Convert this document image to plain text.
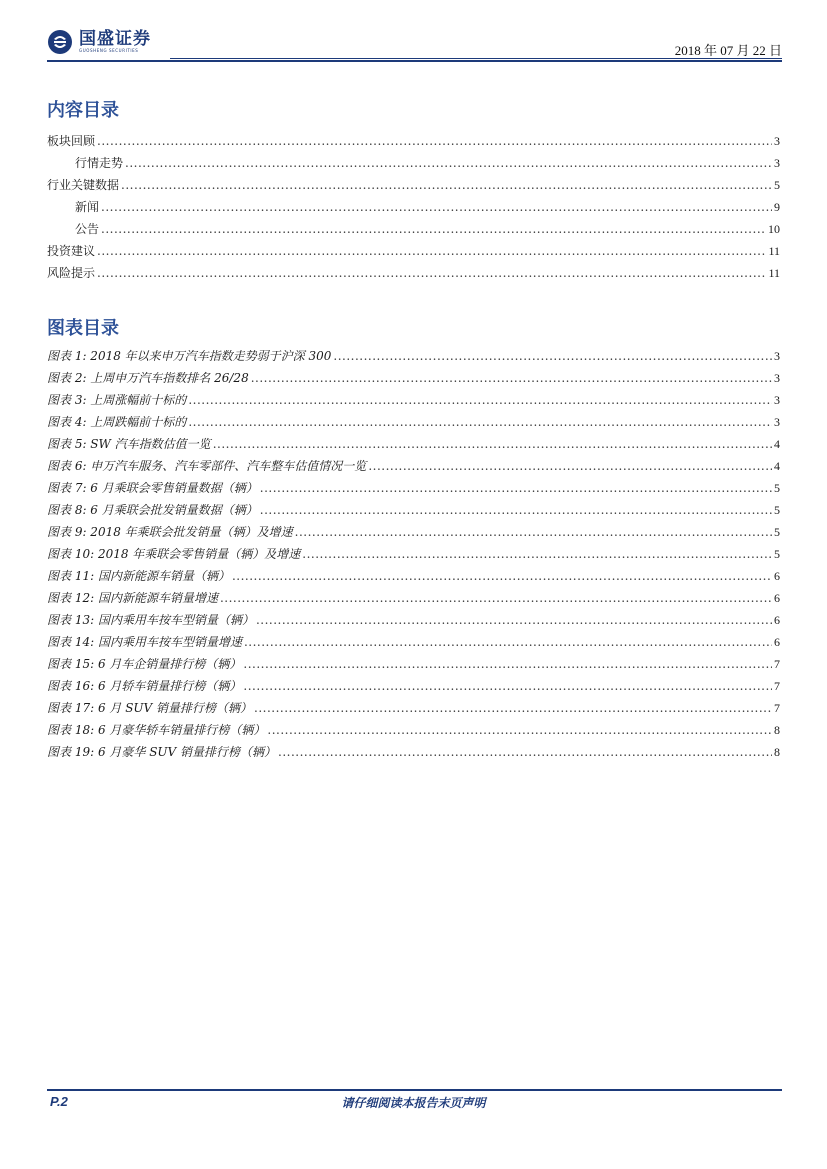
国盛证券
GUOSHENG SECURITIES	2018 年 07 月 22 日
内容目录
板块回顾 .....	3
行情走势 .....	3
行业关键数据 .....	5
新闻 .....	9
公告 .....	10
投资建议 .....	11
风险提示 .....	11
图表目录
图表 1: 2018 年以来申万汽车指数走势弱于沪深 300 .....	3
图表 2: 上周申万汽车指数排名 26/28 .....	3
图表 3: 上周涨幅前十标的 .....	3
图表 4: 上周跌幅前十标的 .....	3
图表 5: SW 汽车指数估值一览 .....	4
图表 6: 申万汽车服务、汽车零部件、汽车整车估值情况一览 .....	4
图表 7: 6 月乘联会零售销量数据（辆） .....	5
图表 8: 6 月乘联会批发销量数据（辆） .....	5
图表 9: 2018 年乘联会批发销量（辆）及增速 .....	5
图表 10: 2018 年乘联会零售销量（辆）及增速 .....	5
图表 11: 国内新能源车销量（辆） .....	6
图表 12: 国内新能源车销量增速 .....	6
图表 13: 国内乘用车按车型销量（辆） .....	6
图表 14: 国内乘用车按车型销量增速 .....	6
图表 15: 6 月车企销量排行榜（辆） .....	7
图表 16: 6 月轿车销量排行榜（辆） .....	7
图表 17: 6 月 SUV 销量排行榜（辆） .....	7
图表 18: 6 月豪华轿车销量排行榜（辆） .....	8
图表 19: 6 月豪华 SUV 销量排行榜（辆） .....	8
P.2	请仔细阅读本报告末页声明
